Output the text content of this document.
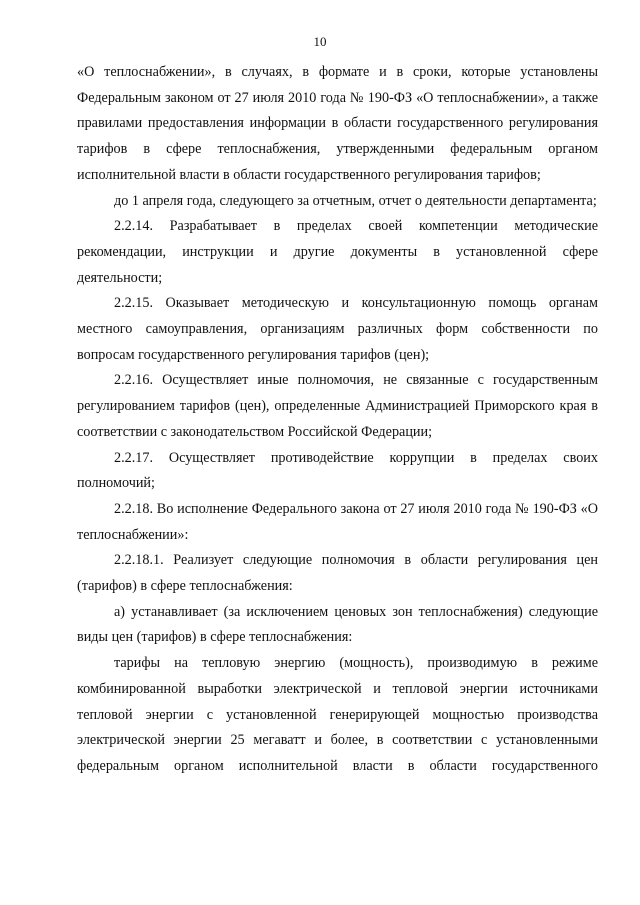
10

«О теплоснабжении», в случаях, в формате и в сроки, которые установлены Федеральным законом от 27 июля 2010 года № 190-ФЗ «О теплоснабжении», а также правилами предоставления информации в области государственного регулирования тарифов в сфере теплоснабжения, утвержденными федеральным органом исполнительной власти в области государственного регулирования тарифов;

до 1 апреля года, следующего за отчетным, отчет о деятельности департамента;

2.2.14. Разрабатывает в пределах своей компетенции методические рекомендации, инструкции и другие документы в установленной сфере деятельности;

2.2.15. Оказывает методическую и консультационную помощь органам местного самоуправления, организациям различных форм собственности по вопросам государственного регулирования тарифов (цен);

2.2.16. Осуществляет иные полномочия, не связанные с государственным регулированием тарифов (цен), определенные Администрацией Приморского края в соответствии с законодательством Российской Федерации;

2.2.17. Осуществляет противодействие коррупции в пределах своих полномочий;

2.2.18. Во исполнение Федерального закона от 27 июля 2010 года № 190-ФЗ «О теплоснабжении»:

2.2.18.1. Реализует следующие полномочия в области регулирования цен (тарифов) в сфере теплоснабжения:

а) устанавливает (за исключением ценовых зон теплоснабжения) следующие виды цен (тарифов) в сфере теплоснабжения:

тарифы на тепловую энергию (мощность), производимую в режиме комбинированной выработки электрической и тепловой энергии источниками тепловой энергии с установленной генерирующей мощностью производства электрической энергии 25 мегаватт и более, в соответствии с установленными федеральным органом исполнительной власти в области государственного
